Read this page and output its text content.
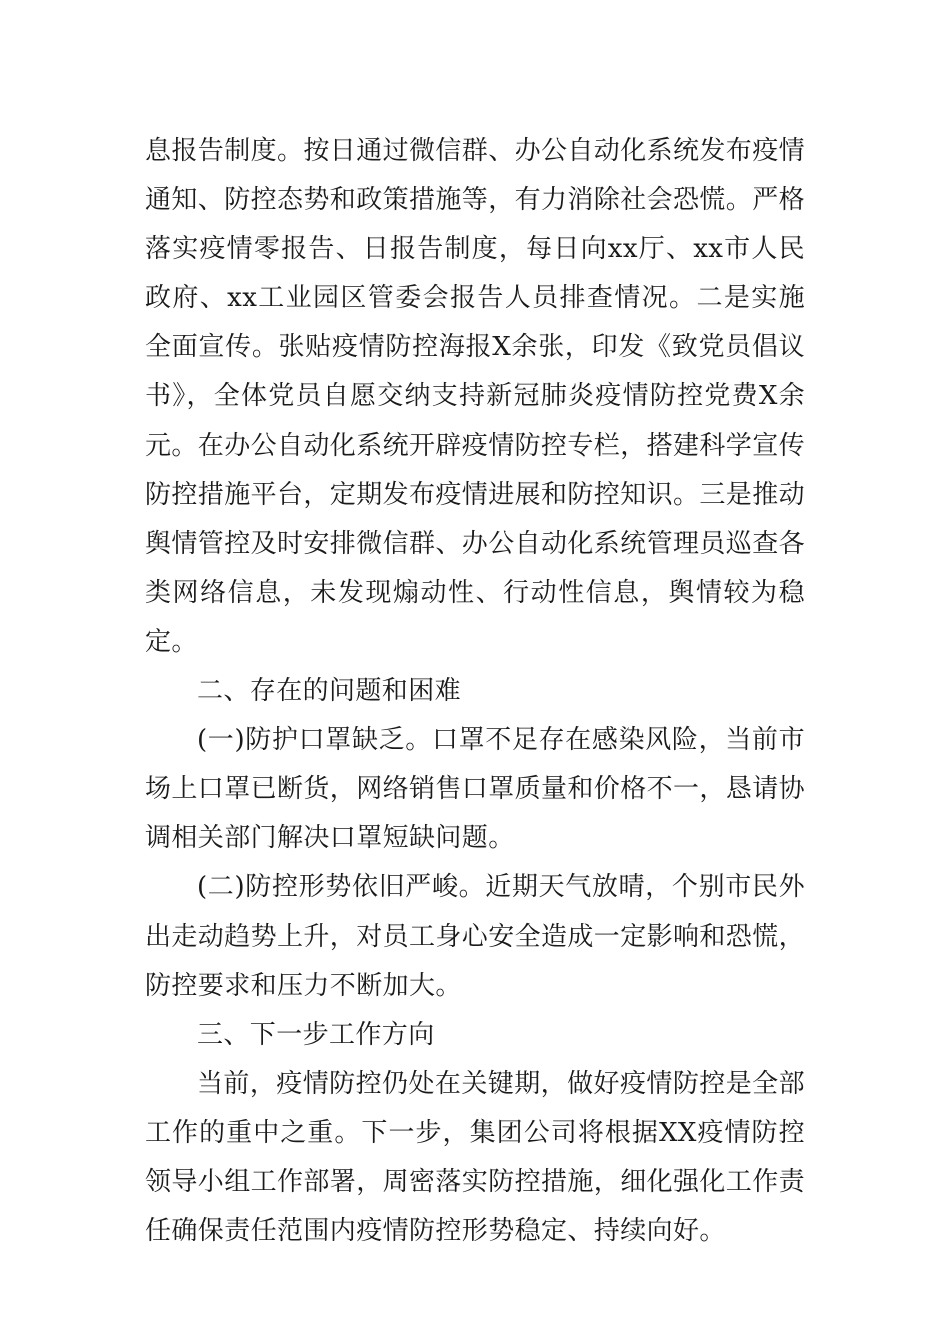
息报告制度。按日通过微信群、办公自动化系统发布疫情通知、防控态势和政策措施等，有力消除社会恐慌。严格落实疫情零报告、日报告制度，每日向xx厅、xx市人民政府、xx工业园区管委会报告人员排查情况。二是实施全面宣传。张贴疫情防控海报X余张，印发《致党员倡议书》，全体党员自愿交纳支持新冠肺炎疫情防控党费X余元。在办公自动化系统开辟疫情防控专栏，搭建科学宣传防控措施平台，定期发布疫情进展和防控知识。三是推动舆情管控及时安排微信群、办公自动化系统管理员巡查各类网络信息，未发现煽动性、行动性信息，舆情较为稳定。

二、存在的问题和困难

(一)防护口罩缺乏。口罩不足存在感染风险，当前市场上口罩已断货，网络销售口罩质量和价格不一，恳请协调相关部门解决口罩短缺问题。

(二)防控形势依旧严峻。近期天气放晴，个别市民外出走动趋势上升，对员工身心安全造成一定影响和恐慌，防控要求和压力不断加大。

三、下一步工作方向

当前，疫情防控仍处在关键期，做好疫情防控是全部工作的重中之重。下一步，集团公司将根据XX疫情防控领导小组工作部署，周密落实防控措施，细化强化工作责任确保责任范围内疫情防控形势稳定、持续向好。
